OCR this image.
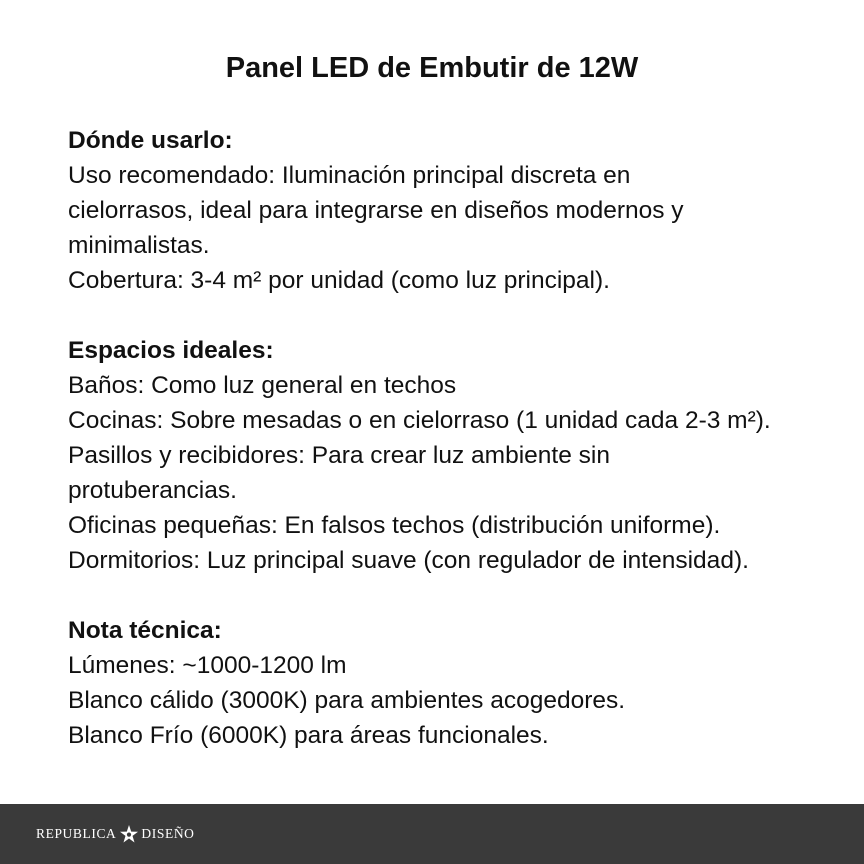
Panel LED de Embutir de 12W
Dónde usarlo:
Uso recomendado: Iluminación principal discreta en
cielorrasos, ideal para integrarse en diseños modernos y
minimalistas.
Cobertura: 3-4 m² por unidad (como luz principal).
Espacios ideales:
Baños: Como luz general en techos
Cocinas: Sobre mesadas o en cielorraso (1 unidad cada 2-3 m²).
Pasillos y recibidores: Para crear luz ambiente sin
protuberancias.
Oficinas pequeñas: En falsos techos (distribución uniforme).
Dormitorios: Luz principal suave (con regulador de intensidad).
Nota técnica:
Lúmenes: ~1000-1200 lm
Blanco cálido (3000K) para ambientes acogedores.
Blanco Frío (6000K) para áreas funcionales.
REPUBLICA DISEÑO
